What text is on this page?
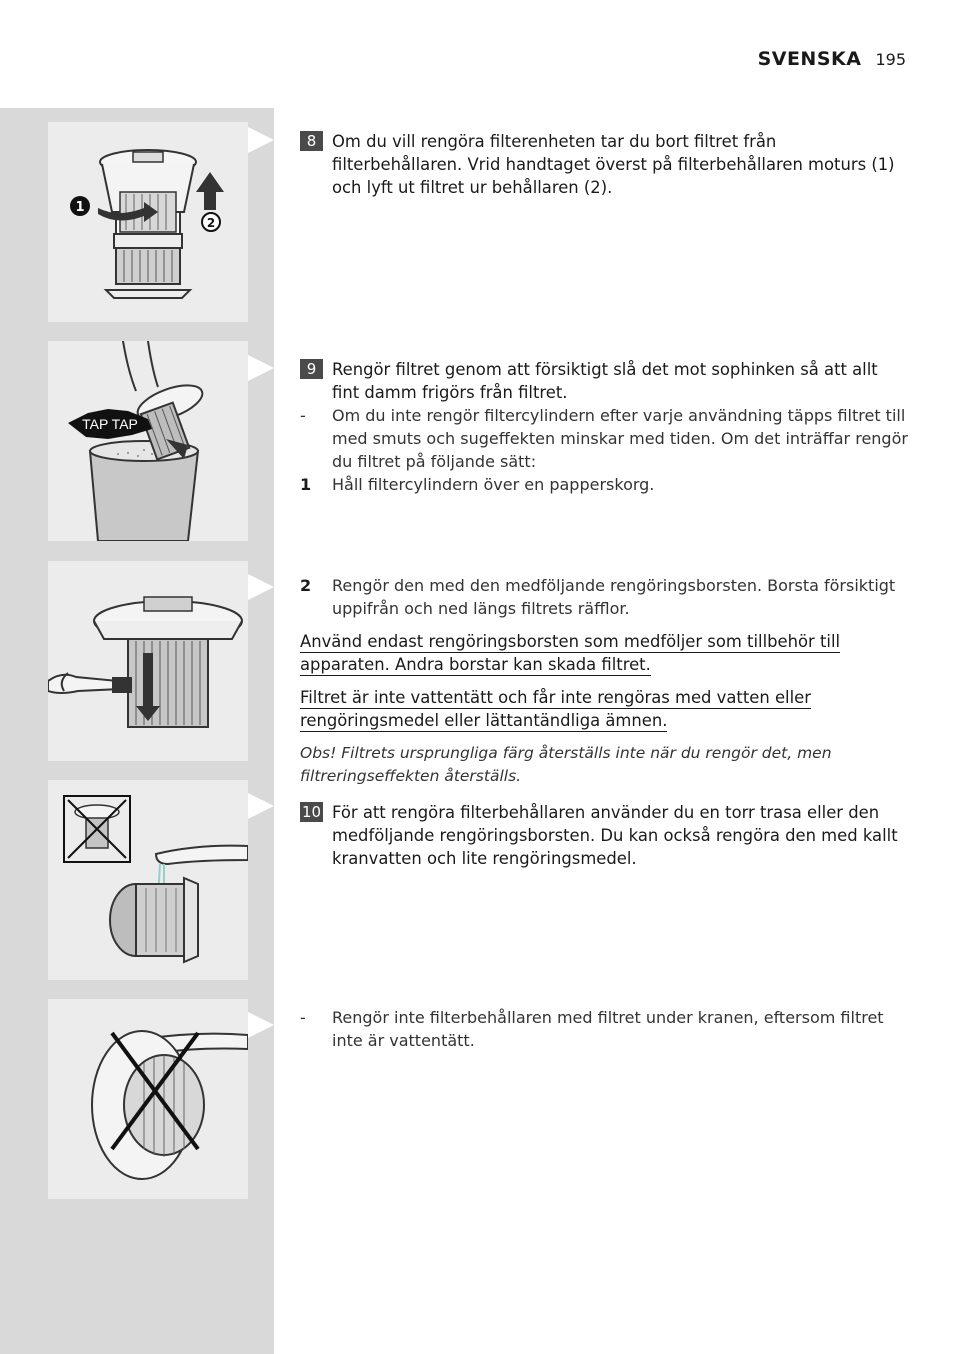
SVENSKA 195
1
2
TAP TAP
8 Om du vill rengöra filterenheten tar du bort filtret från filterbehållaren. Vrid handtaget överst på filterbehållaren moturs (1) och lyft ut filtret ur behållaren (2).
9 Rengör filtret genom att försiktigt slå det mot sophinken så att allt fint damm frigörs från filtret.
-	Om du inte rengör filtercylindern efter varje användning täpps filtret till med smuts och sugeffekten minskar med tiden. Om det inträffar rengör du filtret på följande sätt:
1	Håll filtercylindern över en papperskorg.
2	Rengör den med den medföljande rengöringsborsten. Borsta försiktigt uppifrån och ned längs filtrets räfflor.
Använd endast rengöringsborsten som medföljer som tillbehör till
apparaten. Andra borstar kan skada filtret.
Filtret är inte vattentätt och får inte rengöras med vatten eller
rengöringsmedel eller lättantändliga ämnen.
Obs! Filtrets ursprungliga färg återställs inte när du rengör det, men filtreringseffekten återställs.
10 För att rengöra filterbehållaren använder du en torr trasa eller den medföljande rengöringsborsten. Du kan också rengöra den med kallt kranvatten och lite rengöringsmedel.
-	Rengör inte filterbehållaren med filtret under kranen, eftersom filtret inte är vattentätt.
